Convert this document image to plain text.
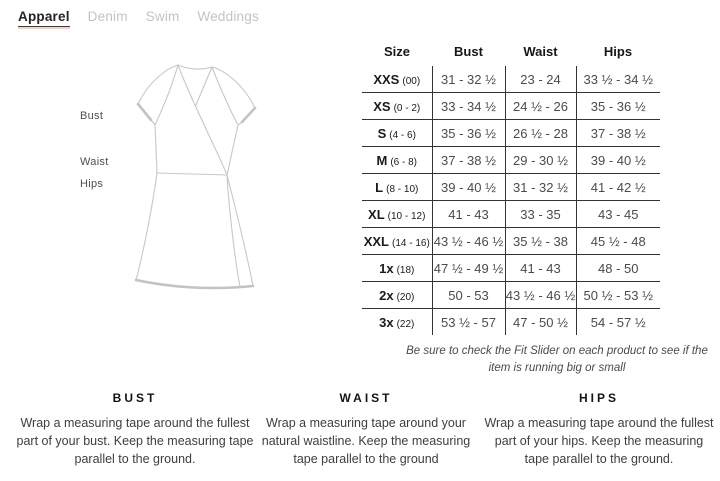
Apparel Denim Swim Weddings
Bust
Waist
Hips
Size	Bust	Waist	Hips
XXS (00)	31 - 32 ½	23 - 24	33 ½ - 34 ½
XS (0 - 2)	33 - 34 ½	24 ½ - 26	35 - 36 ½
S (4 - 6)	35 - 36 ½	26 ½ - 28	37 - 38 ½
M (6 - 8)	37 - 38 ½	29 - 30 ½	39 - 40 ½
L (8 - 10)	39 - 40 ½	31 - 32 ½	41 - 42 ½
XL (10 - 12)	41 - 43	33 - 35	43 - 45
XXL (14 - 16)	43 ½ - 46 ½	35 ½ - 38	45 ½ - 48
1x (18)	47 ½ - 49 ½	41 - 43	48 - 50
2x (20)	50 - 53	43 ½ - 46 ½	50 ½ - 53 ½
3x (22)	53 ½ - 57	47 - 50 ½	54 - 57 ½
Be sure to check the Fit Slider on each product to see if the item is running big or small
BUST
Wrap a measuring tape around the fullest part of your bust. Keep the measuring tape parallel to the ground.
WAIST
Wrap a measuring tape around your natural waistline. Keep the measuring tape parallel to the ground
HIPS
Wrap a measuring tape around the fullest part of your hips. Keep the measuring tape parallel to the ground.
